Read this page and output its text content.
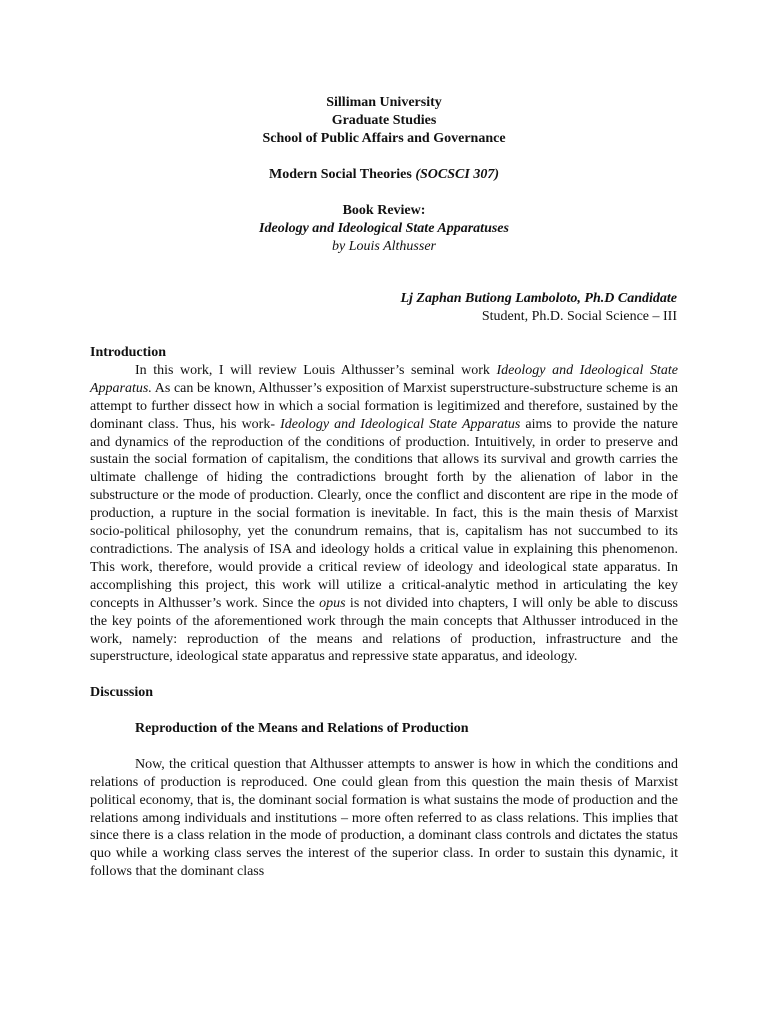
Silliman University
Graduate Studies
School of Public Affairs and Governance
Modern Social Theories (SOCSCI 307)
Book Review:
Ideology and Ideological State Apparatuses
by Louis Althusser
Lj Zaphan Butiong Lamboloto, Ph.D Candidate
Student, Ph.D. Social Science – III

Introduction

In this work, I will review Louis Althusser’s seminal work Ideology and Ideological State Apparatus. As can be known, Althusser’s exposition of Marxist superstructure-substructure scheme is an attempt to further dissect how in which a social formation is legitimized and therefore, sustained by the dominant class. Thus, his work- Ideology and Ideological State Apparatus aims to provide the nature and dynamics of the reproduction of the conditions of production. Intuitively, in order to preserve and sustain the social formation of capitalism, the conditions that allows its survival and growth carries the ultimate challenge of hiding the contradictions brought forth by the alienation of labor in the substructure or the mode of production. Clearly, once the conflict and discontent are ripe in the mode of production, a rupture in the social formation is inevitable. In fact, this is the main thesis of Marxist socio-political philosophy, yet the conundrum remains, that is, capitalism has not succumbed to its contradictions. The analysis of ISA and ideology holds a critical value in explaining this phenomenon. This work, therefore, would provide a critical review of ideology and ideological state apparatus. In accomplishing this project, this work will utilize a critical-analytic method in articulating the key concepts in Althusser’s work. Since the opus is not divided into chapters, I will only be able to discuss the key points of the aforementioned work through the main concepts that Althusser introduced in the work, namely: reproduction of the means and relations of production, infrastructure and the superstructure, ideological state apparatus and repressive state apparatus, and ideology.

Discussion

Reproduction of the Means and Relations of Production

Now, the critical question that Althusser attempts to answer is how in which the conditions and relations of production is reproduced. One could glean from this question the main thesis of Marxist political economy, that is, the dominant social formation is what sustains the mode of production and the relations among individuals and institutions – more often referred to as class relations. This implies that since there is a class relation in the mode of production, a dominant class controls and dictates the status quo while a working class serves the interest of the superior class. In order to sustain this dynamic, it follows that the dominant class
